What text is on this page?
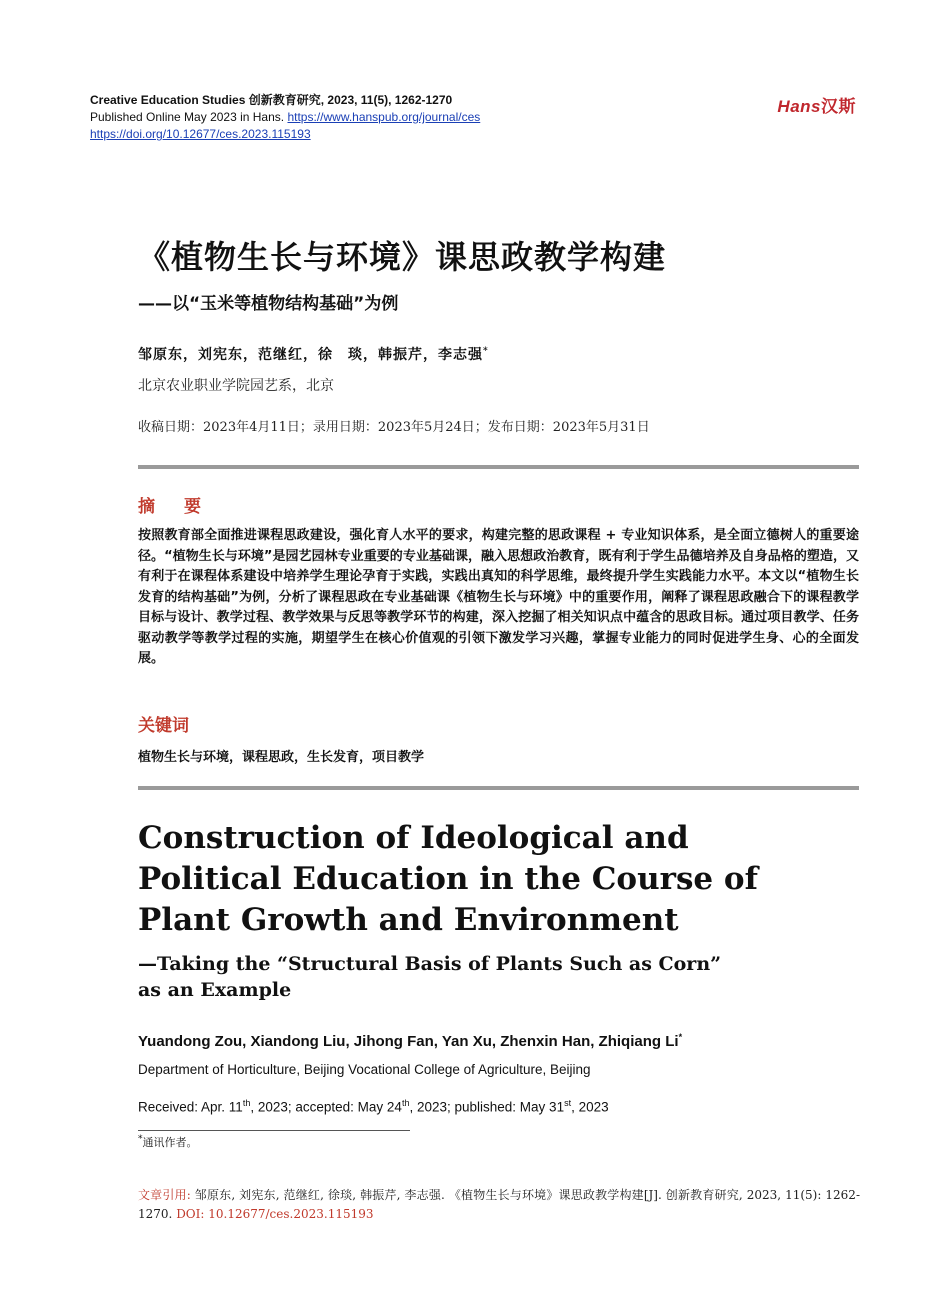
Creative Education Studies 创新教育研究, 2023, 11(5), 1262-1270
Published Online May 2023 in Hans. https://www.hanspub.org/journal/ces
https://doi.org/10.12677/ces.2023.115193
Hans汉斯
《植物生长与环境》课思政教学构建
——以“玉米等植物结构基础”为例
邹原东，刘宪东，范继红，徐　琰，韩振芹，李志强*
北京农业职业学院园艺系，北京
收稿日期：2023年4月11日；录用日期：2023年5月24日；发布日期：2023年5月31日
摘　要
按照教育部全面推进课程思政建设，强化育人水平的要求，构建完整的思政课程 + 专业知识体系，是全面立德树人的重要途径。“植物生长与环境”是园艺园林专业重要的专业基础课，融入思想政治教育，既有利于学生品德培养及自身品格的塑造，又有利于在课程体系建设中培养学生理论孕育于实践，实践出真知的科学思维，最终提升学生实践能力水平。本文以“植物生长发育的结构基础”为例，分析了课程思政在专业基础课《植物生长与环境》中的重要作用，阐释了课程思政融合下的课程教学目标与设计、教学过程、教学效果与反思等教学环节的构建，深入挖掘了相关知识点中蕴含的思政目标。通过项目教学、任务驱动教学等教学过程的实施，期望学生在核心价值观的引领下激发学习兴趣，掌握专业能力的同时促进学生身、心的全面发展。
关键词
植物生长与环境，课程思政，生长发育，项目教学
Construction of Ideological and Political Education in the Course of Plant Growth and Environment
—Taking the “Structural Basis of Plants Such as Corn” as an Example
Yuandong Zou, Xiandong Liu, Jihong Fan, Yan Xu, Zhenxin Han, Zhiqiang Li*
Department of Horticulture, Beijing Vocational College of Agriculture, Beijing
Received: Apr. 11th, 2023; accepted: May 24th, 2023; published: May 31st, 2023
*通讯作者。
文章引用: 邹原东, 刘宪东, 范继红, 徐琰, 韩振芹, 李志强. 《植物生长与环境》课思政教学构建[J]. 创新教育研究, 2023, 11(5): 1262-1270. DOI: 10.12677/ces.2023.115193
